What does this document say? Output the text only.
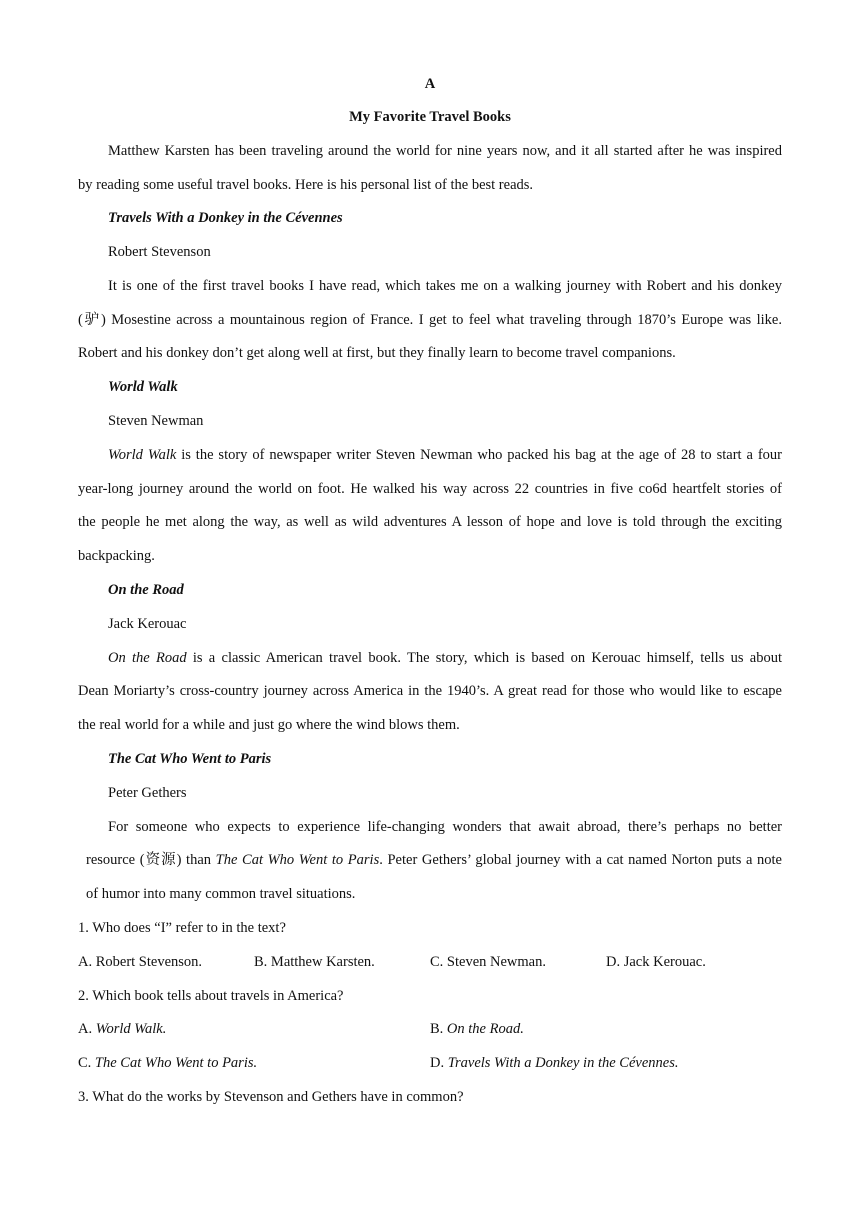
A
My Favorite Travel Books
Matthew Karsten has been traveling around the world for nine years now, and it all started after he was inspired
by reading some useful travel books. Here is his personal list of the best reads.
Travels With a Donkey in the Cévennes
Robert Stevenson
It is one of the first travel books I have read, which takes me on a walking journey with Robert and his donkey
(驴) Mosestine across a mountainous region of France. I get to feel what traveling through 1870’s Europe was like.
Robert and his donkey don’t get along well at first, but they finally learn to become travel companions.
World Walk
Steven Newman
World Walk is the story of newspaper writer Steven Newman who packed his bag at the age of 28 to start a four
year-long journey around the world on foot. He walked his way across 22 countries in five co6d heartfelt stories of
the people he met along the way, as well as wild adventures A lesson of hope and love is told through the exciting
backpacking.
On the Road
Jack Kerouac
On the Road is a classic American travel book. The story, which is based on Kerouac himself, tells us about
Dean Moriarty’s cross-country journey across America in the 1940’s. A great read for those who would like to escape
the real world for a while and just go where the wind blows them.
The Cat Who Went to Paris
Peter Gethers
For someone who expects to experience life-changing wonders that await abroad, there’s perhaps no better
resource (资源) than The Cat Who Went to Paris. Peter Gethers’ global journey with a cat named Norton puts a note
of humor into many common travel situations.
1. Who does “I” refer to in the text?
A. Robert Stevenson.	B. Matthew Karsten.	C. Steven Newman.	D. Jack Kerouac.
2. Which book tells about travels in America?
A. World Walk.	B. On the Road.
C. The Cat Who Went to Paris.	D. Travels With a Donkey in the Cévennes.
3. What do the works by Stevenson and Gethers have in common?
